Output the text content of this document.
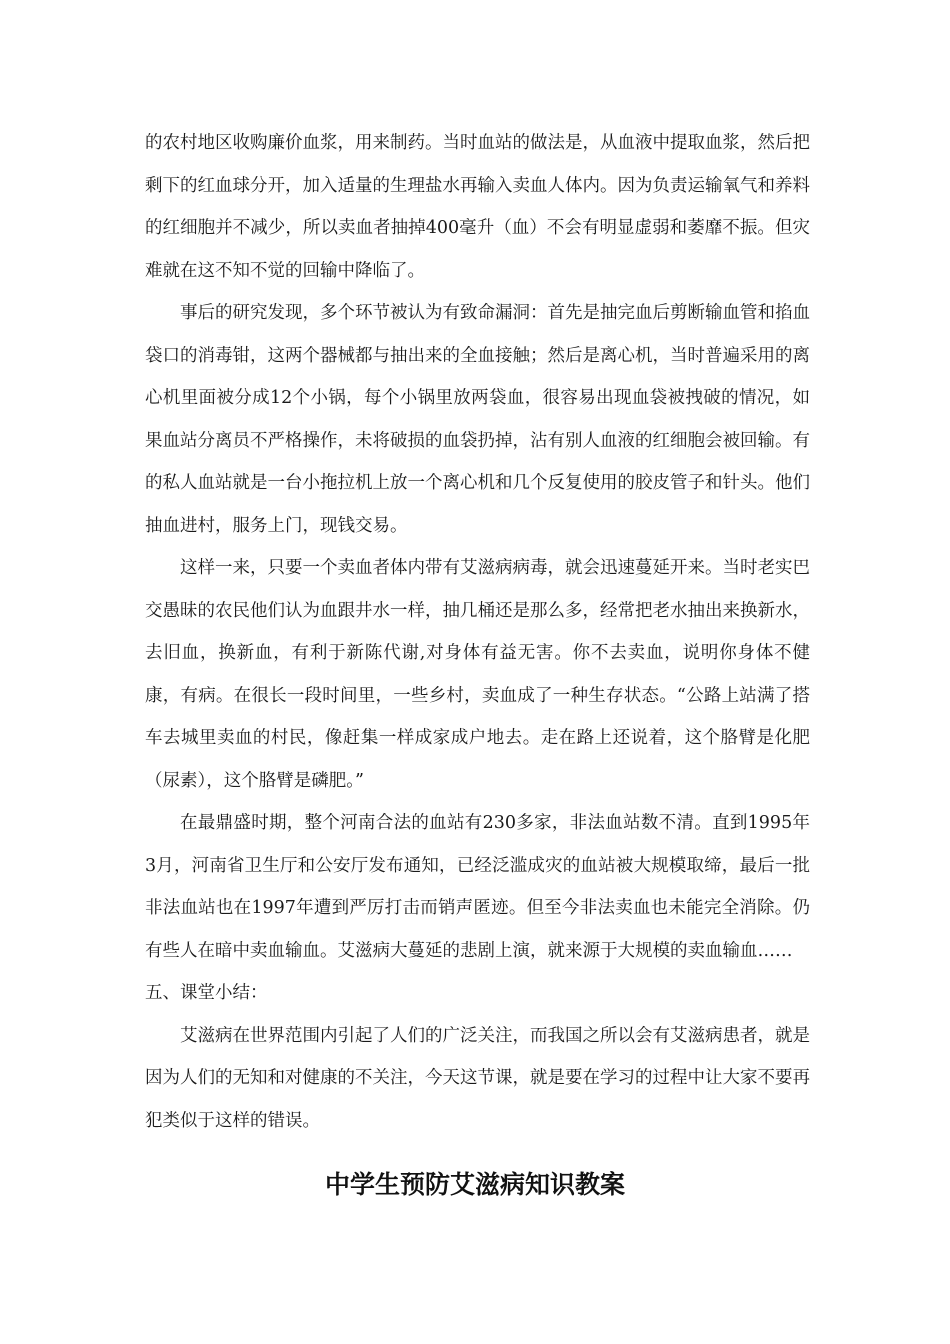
的农村地区收购廉价血浆，用来制药。当时血站的做法是，从血液中提取血浆，然后把剩下的红血球分开，加入适量的生理盐水再输入卖血人体内。因为负责运输氧气和养料的红细胞并不减少，所以卖血者抽掉400毫升（血）不会有明显虚弱和萎靡不振。但灾难就在这不知不觉的回输中降临了。

事后的研究发现，多个环节被认为有致命漏洞：首先是抽完血后剪断输血管和掐血袋口的消毒钳，这两个器械都与抽出来的全血接触；然后是离心机，当时普遍采用的离心机里面被分成12个小锅，每个小锅里放两袋血，很容易出现血袋被拽破的情况，如果血站分离员不严格操作，未将破损的血袋扔掉，沾有别人血液的红细胞会被回输。有的私人血站就是一台小拖拉机上放一个离心机和几个反复使用的胶皮管子和针头。他们抽血进村，服务上门，现钱交易。

这样一来，只要一个卖血者体内带有艾滋病病毒，就会迅速蔓延开来。当时老实巴交愚昧的农民他们认为血跟井水一样，抽几桶还是那么多，经常把老水抽出来换新水，去旧血，换新血，有利于新陈代谢,对身体有益无害。你不去卖血，说明你身体不健康，有病。在很长一段时间里，一些乡村，卖血成了一种生存状态。“公路上站满了搭车去城里卖血的村民，像赶集一样成家成户地去。走在路上还说着，这个胳臂是化肥（尿素），这个胳臂是磷肥。”

在最鼎盛时期，整个河南合法的血站有230多家，非法血站数不清。直到1995年3月，河南省卫生厅和公安厅发布通知，已经泛滥成灾的血站被大规模取缔，最后一批非法血站也在1997年遭到严厉打击而销声匿迹。但至今非法卖血也未能完全消除。仍有些人在暗中卖血输血。艾滋病大蔓延的悲剧上演，就来源于大规模的卖血输血……

五、课堂小结：

艾滋病在世界范围内引起了人们的广泛关注，而我国之所以会有艾滋病患者，就是因为人们的无知和对健康的不关注，今天这节课，就是要在学习的过程中让大家不要再犯类似于这样的错误。

中学生预防艾滋病知识教案
